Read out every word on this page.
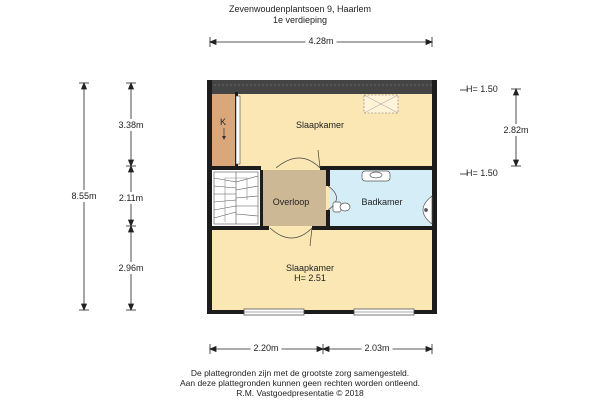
Zevenwoudenplantsoen 9, Haarlem
1e verdieping
4.28m
8.55m
3.38m
2.11m
2.96m
2.82m
H= 1.50
H= 1.50
2.20m	2.03m
K	Slaapkamer
Overloop	Badkamer
Slaapkamer
H= 2.51
De plattegronden zijn met de grootste zorg samengesteld.
Aan deze plattegronden kunnen geen rechten worden ontleend.
R.M. Vastgoedpresentatie © 2018
